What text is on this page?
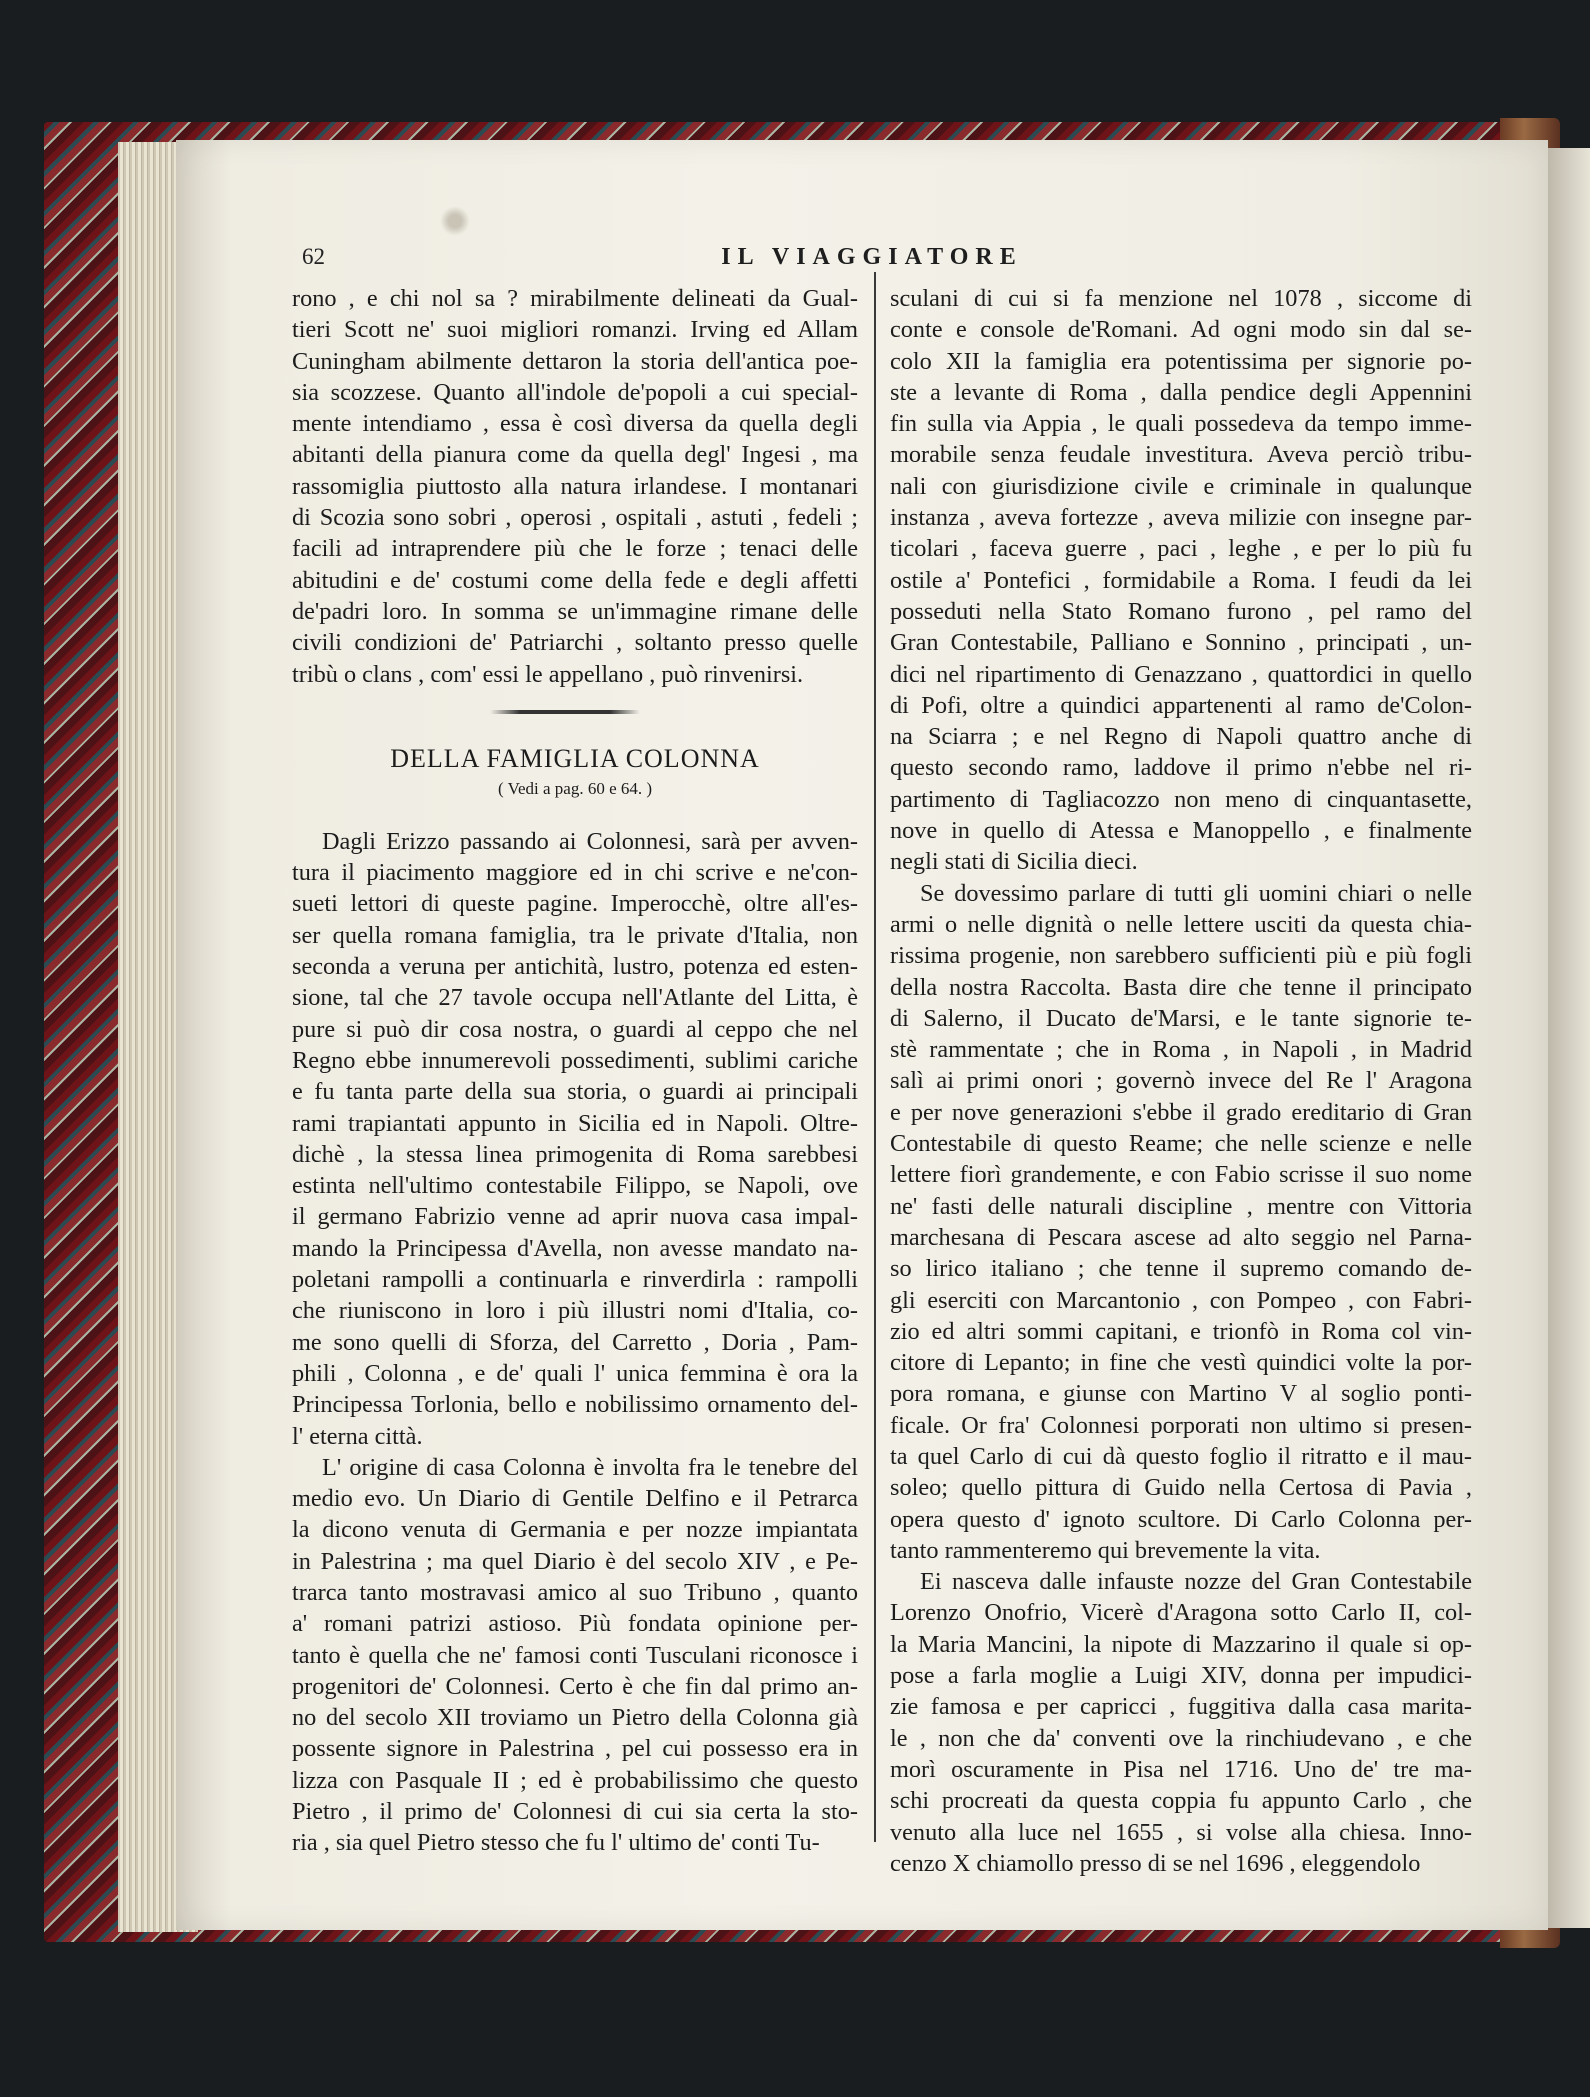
62	IL VIAGGIATORE
rono , e chi nol sa ? mirabilmente delineati da Gual-
tieri Scott ne' suoi migliori romanzi. Irving ed Allam
Cuningham abilmente dettaron la storia dell'antica poe-
sia scozzese. Quanto all'indole de'popoli a cui special-
mente intendiamo , essa è così diversa da quella degli
abitanti della pianura come da quella degl' Ingesi , ma
rassomiglia piuttosto alla natura irlandese. I montanari
di Scozia sono sobri , operosi , ospitali , astuti , fedeli ;
facili ad intraprendere più che le forze ; tenaci delle
abitudini e de' costumi come della fede e degli affetti
de'padri loro. In somma se un'immagine rimane delle
civili condizioni de' Patriarchi , soltanto presso quelle
tribù o clans , com' essi le appellano , può rinvenirsi.
DELLA FAMIGLIA COLONNA
( Vedi a pag. 60 e 64. )
Dagli Erizzo passando ai Colonnesi, sarà per avven-
tura il piacimento maggiore ed in chi scrive e ne'con-
sueti lettori di queste pagine. Imperocchè, oltre all'es-
ser quella romana famiglia, tra le private d'Italia, non
seconda a veruna per antichità, lustro, potenza ed esten-
sione, tal che 27 tavole occupa nell'Atlante del Litta, è
pure si può dir cosa nostra, o guardi al ceppo che nel
Regno ebbe innumerevoli possedimenti, sublimi cariche
e fu tanta parte della sua storia, o guardi ai principali
rami trapiantati appunto in Sicilia ed in Napoli. Oltre-
dichè , la stessa linea primogenita di Roma sarebbesi
estinta nell'ultimo contestabile Filippo, se Napoli, ove
il germano Fabrizio venne ad aprir nuova casa impal-
mando la Principessa d'Avella, non avesse mandato na-
poletani rampolli a continuarla e rinverdirla : rampolli
che riuniscono in loro i più illustri nomi d'Italia, co-
me sono quelli di Sforza, del Carretto , Doria , Pam-
phili , Colonna , e de' quali l' unica femmina è ora la
Principessa Torlonia, bello e nobilissimo ornamento del-
l' eterna città.
L' origine di casa Colonna è involta fra le tenebre del
medio evo. Un Diario di Gentile Delfino e il Petrarca
la dicono venuta di Germania e per nozze impiantata
in Palestrina ; ma quel Diario è del secolo XIV , e Pe-
trarca tanto mostravasi amico al suo Tribuno , quanto
a' romani patrizi astioso. Più fondata opinione per-
tanto è quella che ne' famosi conti Tusculani riconosce i
progenitori de' Colonnesi. Certo è che fin dal primo an-
no del secolo XII troviamo un Pietro della Colonna già
possente signore in Palestrina , pel cui possesso era in
lizza con Pasquale II ; ed è probabilissimo che questo
Pietro , il primo de' Colonnesi di cui sia certa la sto-
ria , sia quel Pietro stesso che fu l' ultimo de' conti Tu-
sculani di cui si fa menzione nel 1078 , siccome di
conte e console de'Romani. Ad ogni modo sin dal se-
colo XII la famiglia era potentissima per signorie po-
ste a levante di Roma , dalla pendice degli Appennini
fin sulla via Appia , le quali possedeva da tempo imme-
morabile senza feudale investitura. Aveva perciò tribu-
nali con giurisdizione civile e criminale in qualunque
instanza , aveva fortezze , aveva milizie con insegne par-
ticolari , faceva guerre , paci , leghe , e per lo più fu
ostile a' Pontefici , formidabile a Roma. I feudi da lei
posseduti nella Stato Romano furono , pel ramo del
Gran Contestabile, Palliano e Sonnino , principati , un-
dici nel ripartimento di Genazzano , quattordici in quello
di Pofi, oltre a quindici appartenenti al ramo de'Colon-
na Sciarra ; e nel Regno di Napoli quattro anche di
questo secondo ramo, laddove il primo n'ebbe nel ri-
partimento di Tagliacozzo non meno di cinquantasette,
nove in quello di Atessa e Manoppello , e finalmente
negli stati di Sicilia dieci.
Se dovessimo parlare di tutti gli uomini chiari o nelle
armi o nelle dignità o nelle lettere usciti da questa chia-
rissima progenie, non sarebbero sufficienti più e più fogli
della nostra Raccolta. Basta dire che tenne il principato
di Salerno, il Ducato de'Marsi, e le tante signorie te-
stè rammentate ; che in Roma , in Napoli , in Madrid
salì ai primi onori ; governò invece del Re l' Aragona
e per nove generazioni s'ebbe il grado ereditario di Gran
Contestabile di questo Reame; che nelle scienze e nelle
lettere fiorì grandemente, e con Fabio scrisse il suo nome
ne' fasti delle naturali discipline , mentre con Vittoria
marchesana di Pescara ascese ad alto seggio nel Parna-
so lirico italiano ; che tenne il supremo comando de-
gli eserciti con Marcantonio , con Pompeo , con Fabri-
zio ed altri sommi capitani, e trionfò in Roma col vin-
citore di Lepanto; in fine che vestì quindici volte la por-
pora romana, e giunse con Martino V al soglio ponti-
ficale. Or fra' Colonnesi porporati non ultimo si presen-
ta quel Carlo di cui dà questo foglio il ritratto e il mau-
soleo; quello pittura di Guido nella Certosa di Pavia ,
opera questo d' ignoto scultore. Di Carlo Colonna per-
tanto rammenteremo qui brevemente la vita.
Ei nasceva dalle infauste nozze del Gran Contestabile
Lorenzo Onofrio, Vicerè d'Aragona sotto Carlo II, col-
la Maria Mancini, la nipote di Mazzarino il quale si op-
pose a farla moglie a Luigi XIV, donna per impudici-
zie famosa e per capricci , fuggitiva dalla casa marita-
le , non che da' conventi ove la rinchiudevano , e che
morì oscuramente in Pisa nel 1716. Uno de' tre ma-
schi procreati da questa coppia fu appunto Carlo , che
venuto alla luce nel 1655 , si volse alla chiesa. Inno-
cenzo X chiamollo presso di se nel 1696 , eleggendolo
